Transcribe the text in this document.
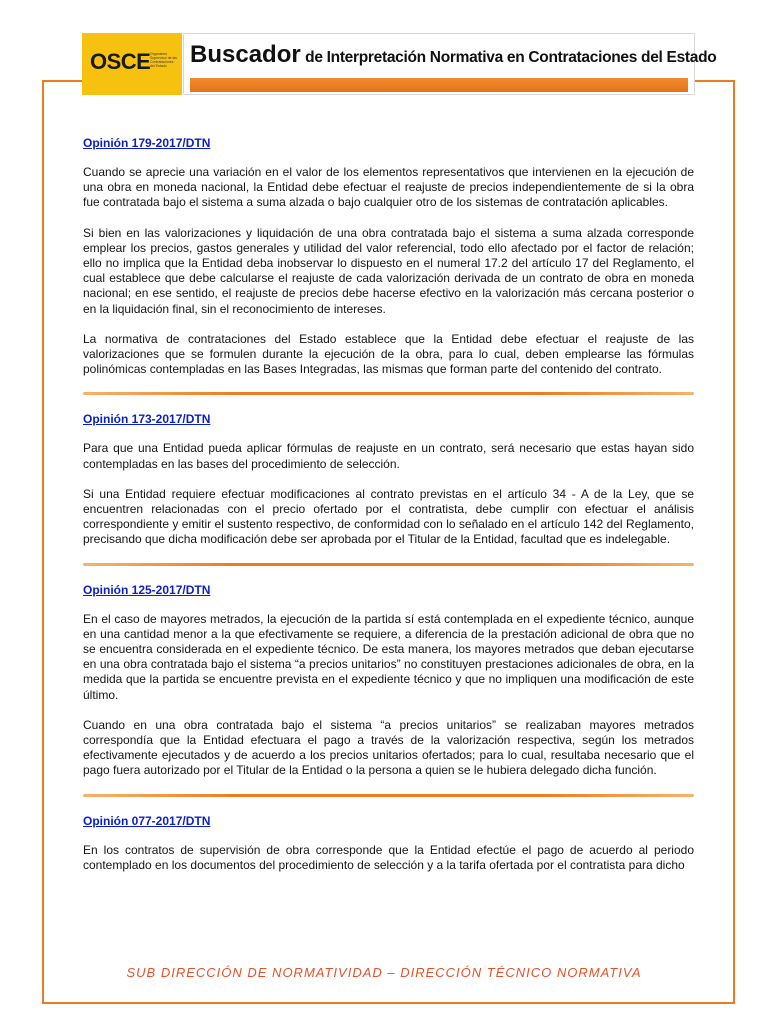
OSCE Organismo Supervisor de las Contrataciones del Estado Buscador de Interpretación Normativa en Contrataciones del Estado
Opinión 179-2017/DTN

Cuando se aprecie una variación en el valor de los elementos representativos que intervienen en la ejecución de una obra en moneda nacional, la Entidad debe efectuar el reajuste de precios independientemente de si la obra fue contratada bajo el sistema a suma alzada o bajo cualquier otro de los sistemas de contratación aplicables.

Si bien en las valorizaciones y liquidación de una obra contratada bajo el sistema a suma alzada corresponde emplear los precios, gastos generales y utilidad del valor referencial, todo ello afectado por el factor de relación; ello no implica que la Entidad deba inobservar lo dispuesto en el numeral 17.2 del artículo 17 del Reglamento, el cual establece que debe calcularse el reajuste de cada valorización derivada de un contrato de obra en moneda nacional; en ese sentido, el reajuste de precios debe hacerse efectivo en la valorización más cercana posterior o en la liquidación final, sin el reconocimiento de intereses.

La normativa de contrataciones del Estado establece que la Entidad debe efectuar el reajuste de las valorizaciones que se formulen durante la ejecución de la obra, para lo cual, deben emplearse las fórmulas polinómicas contempladas en las Bases Integradas, las mismas que forman parte del contenido del contrato.

Opinión 173-2017/DTN

Para que una Entidad pueda aplicar fórmulas de reajuste en un contrato, será necesario que estas hayan sido contempladas en las bases del procedimiento de selección.

Si una Entidad requiere efectuar modificaciones al contrato previstas en el artículo 34 - A de la Ley, que se encuentren relacionadas con el precio ofertado por el contratista, debe cumplir con efectuar el análisis correspondiente y emitir el sustento respectivo, de conformidad con lo señalado en el artículo 142 del Reglamento, precisando que dicha modificación debe ser aprobada por el Titular de la Entidad, facultad que es indelegable.

Opinión 125-2017/DTN

En el caso de mayores metrados, la ejecución de la partida sí está contemplada en el expediente técnico, aunque en una cantidad menor a la que efectivamente se requiere, a diferencia de la prestación adicional de obra que no se encuentra considerada en el expediente técnico. De esta manera, los mayores metrados que deban ejecutarse en una obra contratada bajo el sistema “a precios unitarios” no constituyen prestaciones adicionales de obra, en la medida que la partida se encuentre prevista en el expediente técnico y que no impliquen una modificación de este último.

Cuando en una obra contratada bajo el sistema “a precios unitarios” se realizaban mayores metrados correspondía que la Entidad efectuara el pago a través de la valorización respectiva, según los metrados efectivamente ejecutados y de acuerdo a los precios unitarios ofertados; para lo cual, resultaba necesario que el pago fuera autorizado por el Titular de la Entidad o la persona a quien se le hubiera delegado dicha función.

Opinión 077-2017/DTN

En los contratos de supervisión de obra corresponde que la Entidad efectúe el pago de acuerdo al periodo contemplado en los documentos del procedimiento de selección y a la tarifa ofertada por el contratista para dicho

SUB DIRECCIÓN DE NORMATIVIDAD – DIRECCIÓN TÉCNICO NORMATIVA
